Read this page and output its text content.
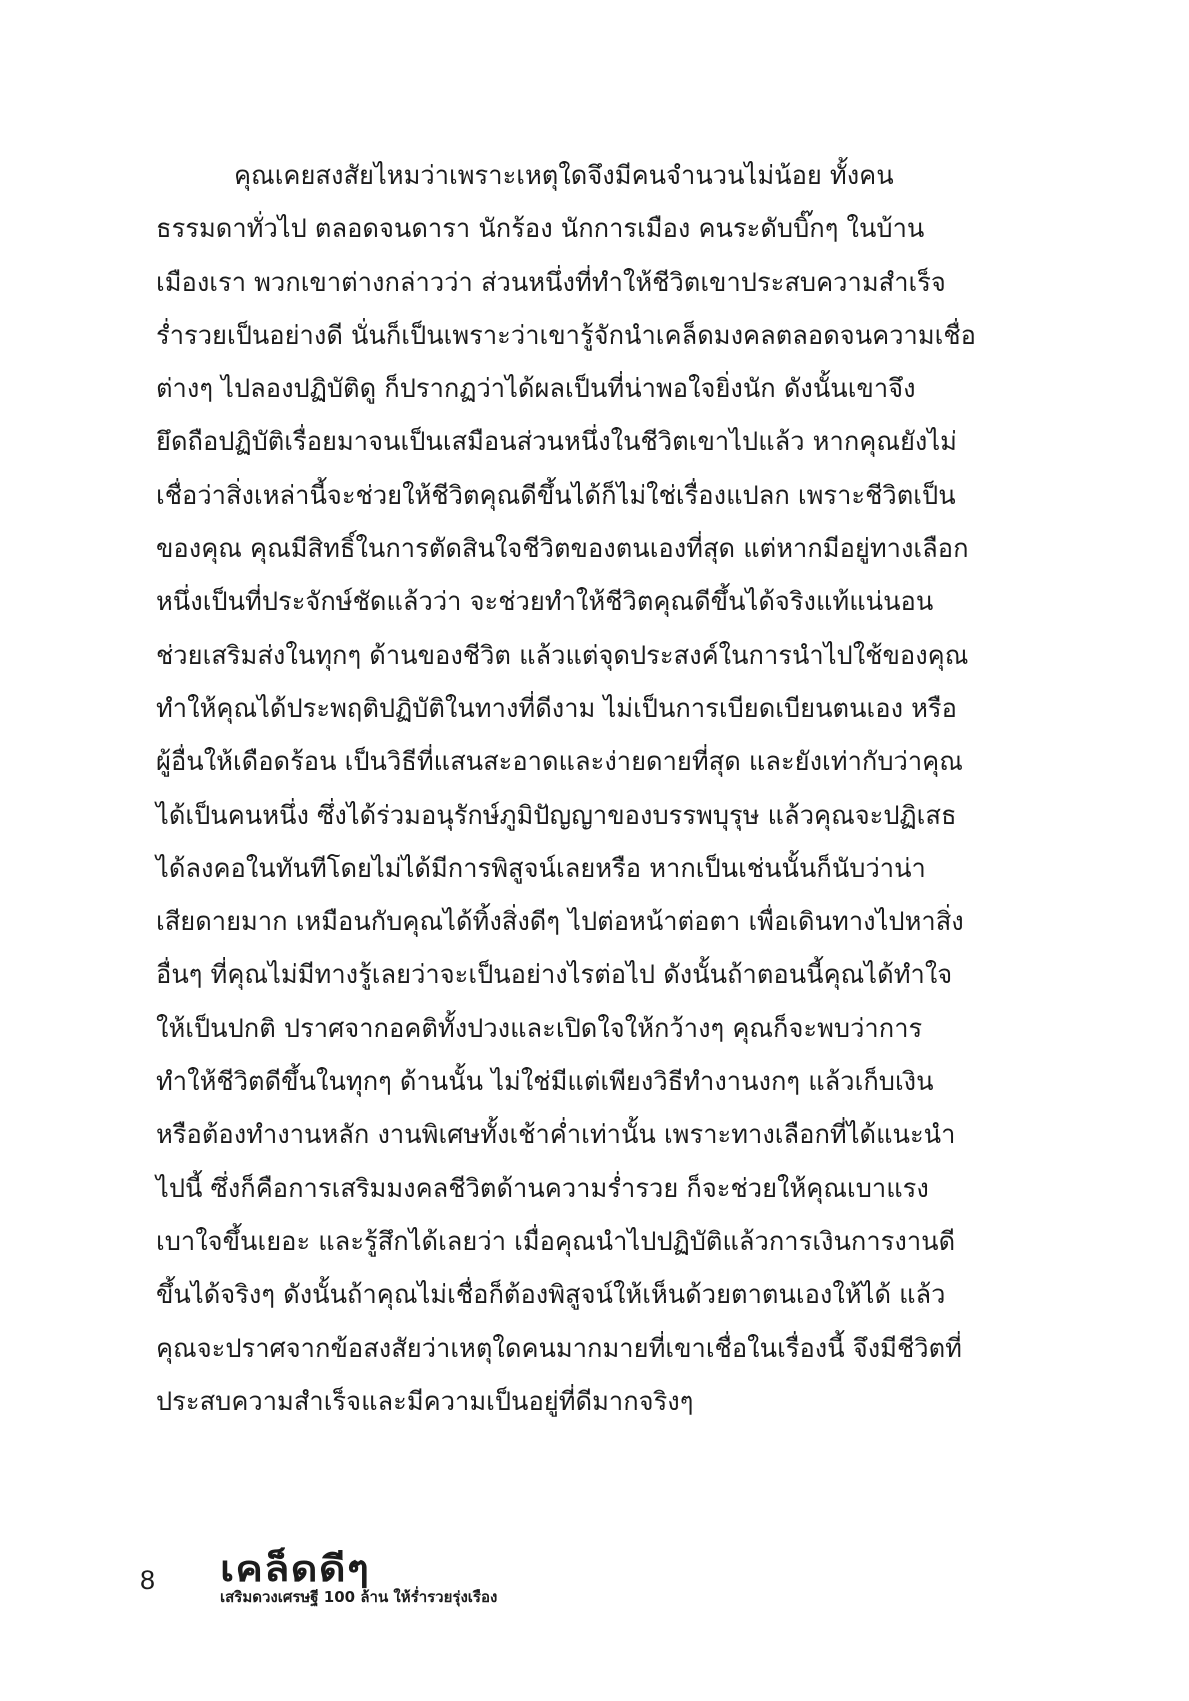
คุณเคยสงสัยไหมว่าเพราะเหตุใดจึงมีคนจำนวนไม่น้อย ทั้งคน
ธรรมดาทั่วไป ตลอดจนดารา นักร้อง นักการเมือง คนระดับบิ๊กๆ ในบ้าน
เมืองเรา พวกเขาต่างกล่าวว่า ส่วนหนึ่งที่ทำให้ชีวิตเขาประสบความสำเร็จ
ร่ำรวยเป็นอย่างดี นั่นก็เป็นเพราะว่าเขารู้จักนำเคล็ดมงคลตลอดจนความเชื่อ
ต่างๆ ไปลองปฏิบัติดู ก็ปรากฏว่าได้ผลเป็นที่น่าพอใจยิ่งนัก ดังนั้นเขาจึง
ยึดถือปฏิบัติเรื่อยมาจนเป็นเสมือนส่วนหนึ่งในชีวิตเขาไปแล้ว หากคุณยังไม่
เชื่อว่าสิ่งเหล่านี้จะช่วยให้ชีวิตคุณดีขึ้นได้ก็ไม่ใช่เรื่องแปลก เพราะชีวิตเป็น
ของคุณ คุณมีสิทธิ์ในการตัดสินใจชีวิตของตนเองที่สุด แต่หากมีอยู่ทางเลือก
หนึ่งเป็นที่ประจักษ์ชัดแล้วว่า จะช่วยทำให้ชีวิตคุณดีขึ้นได้จริงแท้แน่นอน
ช่วยเสริมส่งในทุกๆ ด้านของชีวิต แล้วแต่จุดประสงค์ในการนำไปใช้ของคุณ
ทำให้คุณได้ประพฤติปฏิบัติในทางที่ดีงาม ไม่เป็นการเบียดเบียนตนเอง หรือ
ผู้อื่นให้เดือดร้อน เป็นวิธีที่แสนสะอาดและง่ายดายที่สุด และยังเท่ากับว่าคุณ
ได้เป็นคนหนึ่ง ซึ่งได้ร่วมอนุรักษ์ภูมิปัญญาของบรรพบุรุษ แล้วคุณจะปฏิเสธ
ได้ลงคอในทันทีโดยไม่ได้มีการพิสูจน์เลยหรือ หากเป็นเช่นนั้นก็นับว่าน่า
เสียดายมาก เหมือนกับคุณได้ทิ้งสิ่งดีๆ ไปต่อหน้าต่อตา เพื่อเดินทางไปหาสิ่ง
อื่นๆ ที่คุณไม่มีทางรู้เลยว่าจะเป็นอย่างไรต่อไป ดังนั้นถ้าตอนนี้คุณได้ทำใจ
ให้เป็นปกติ ปราศจากอคติทั้งปวงและเปิดใจให้กว้างๆ คุณก็จะพบว่าการ
ทำให้ชีวิตดีขึ้นในทุกๆ ด้านนั้น ไม่ใช่มีแต่เพียงวิธีทำงานงกๆ แล้วเก็บเงิน
หรือต้องทำงานหลัก งานพิเศษทั้งเช้าค่ำเท่านั้น เพราะทางเลือกที่ได้แนะนำ
ไปนี้ ซึ่งก็คือการเสริมมงคลชีวิตด้านความร่ำรวย ก็จะช่วยให้คุณเบาแรง
เบาใจขึ้นเยอะ และรู้สึกได้เลยว่า เมื่อคุณนำไปปฏิบัติแล้วการเงินการงานดี
ขึ้นได้จริงๆ ดังนั้นถ้าคุณไม่เชื่อก็ต้องพิสูจน์ให้เห็นด้วยตาตนเองให้ได้ แล้ว
คุณจะปราศจากข้อสงสัยว่าเหตุใดคนมากมายที่เขาเชื่อในเรื่องนี้ จึงมีชีวิตที่
ประสบความสำเร็จและมีความเป็นอยู่ที่ดีมากจริงๆ
8 เคล็ดดีๆ
เสริมดวงเศรษฐี 100 ล้าน ให้ร่ำรวยรุ่งเรือง
